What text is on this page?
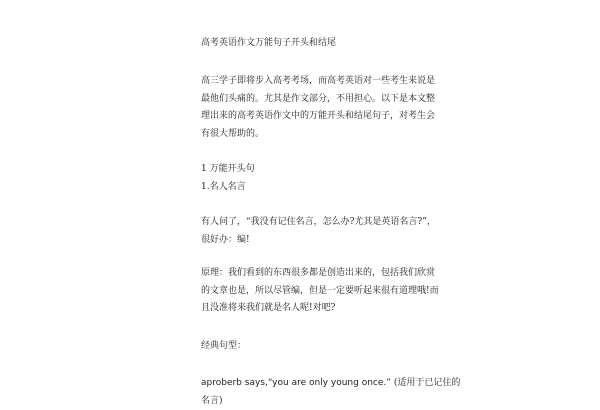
高考英语作文万能句子开头和结尾
高三学子即将步入高考考场，而高考英语对一些考生来说是
最他们头痛的。尤其是作文部分，不用担心。以下是本文整
理出来的高考英语作文中的万能开头和结尾句子，对考生会
有很大帮助的。
1 万能开头句
1.名人名言
有人问了，“我没有记住名言，怎么办?尤其是英语名言?”，
很好办：编!
原理：我们看到的东西很多都是创造出来的，包括我们欣赏
的文章也是，所以尽管编，但是一定要听起来很有道理哦!而
且没准将来我们就是名人呢!对吧?
经典句型：
aproberb says,“you are only young once.” (适用于已记住的
名言)
